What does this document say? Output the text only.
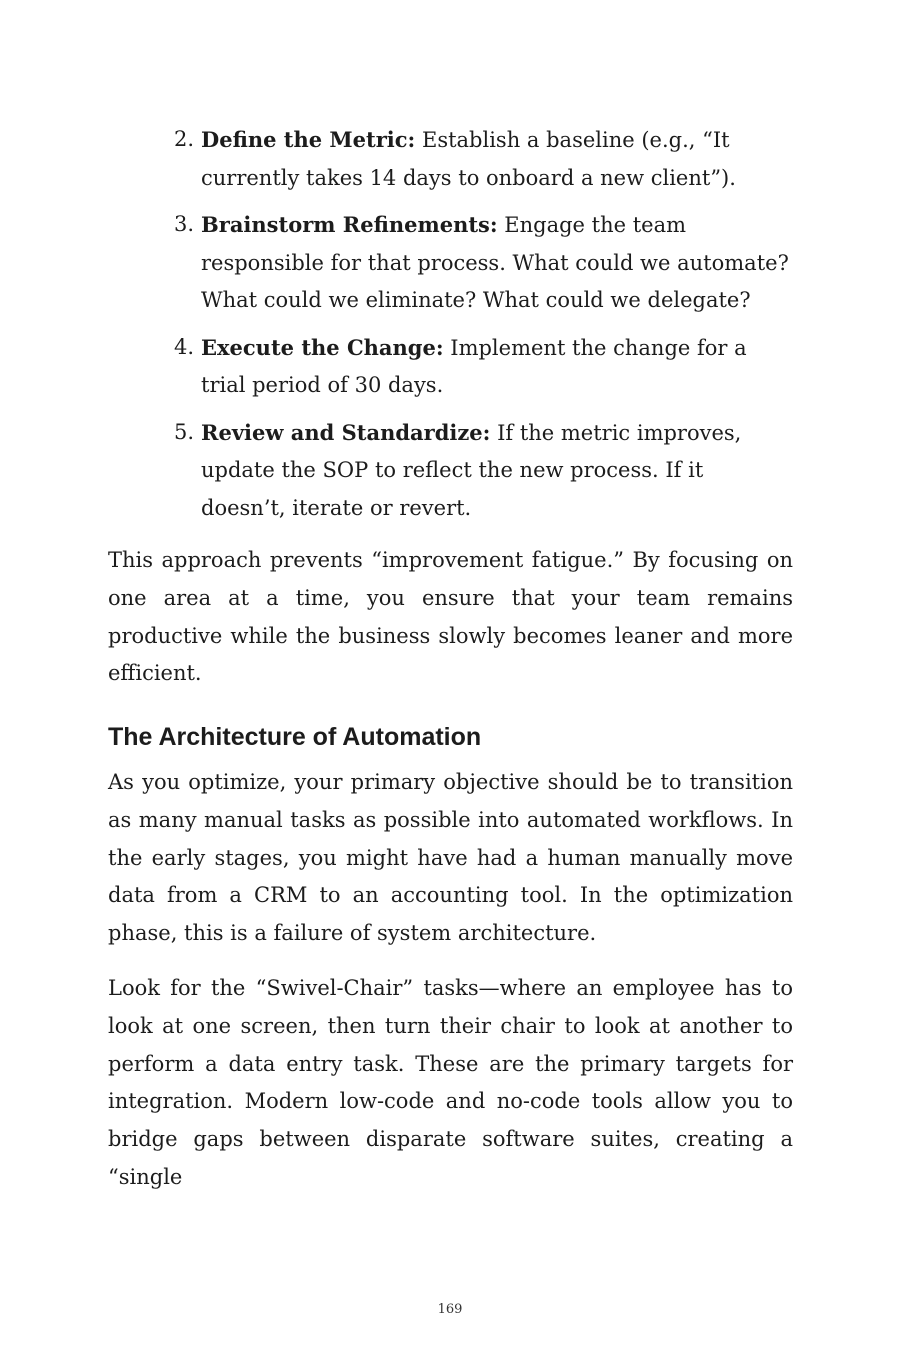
2. Define the Metric: Establish a baseline (e.g., “It currently takes 14 days to onboard a new client”).
3. Brainstorm Refinements: Engage the team responsible for that process. What could we automate? What could we eliminate? What could we delegate?
4. Execute the Change: Implement the change for a trial period of 30 days.
5. Review and Standardize: If the metric improves, update the SOP to reflect the new process. If it doesn’t, iterate or revert.

This approach prevents “improvement fatigue.” By focusing on one area at a time, you ensure that your team remains productive while the business slowly becomes leaner and more efficient.

The Architecture of Automation

As you optimize, your primary objective should be to transition as many manual tasks as possible into automated workflows. In the early stages, you might have had a human manually move data from a CRM to an accounting tool. In the optimization phase, this is a failure of system architecture.

Look for the “Swivel-Chair” tasks—where an employee has to look at one screen, then turn their chair to look at another to perform a data entry task. These are the primary targets for integration. Modern low-code and no-code tools allow you to bridge gaps between disparate software suites, creating a “single

169
